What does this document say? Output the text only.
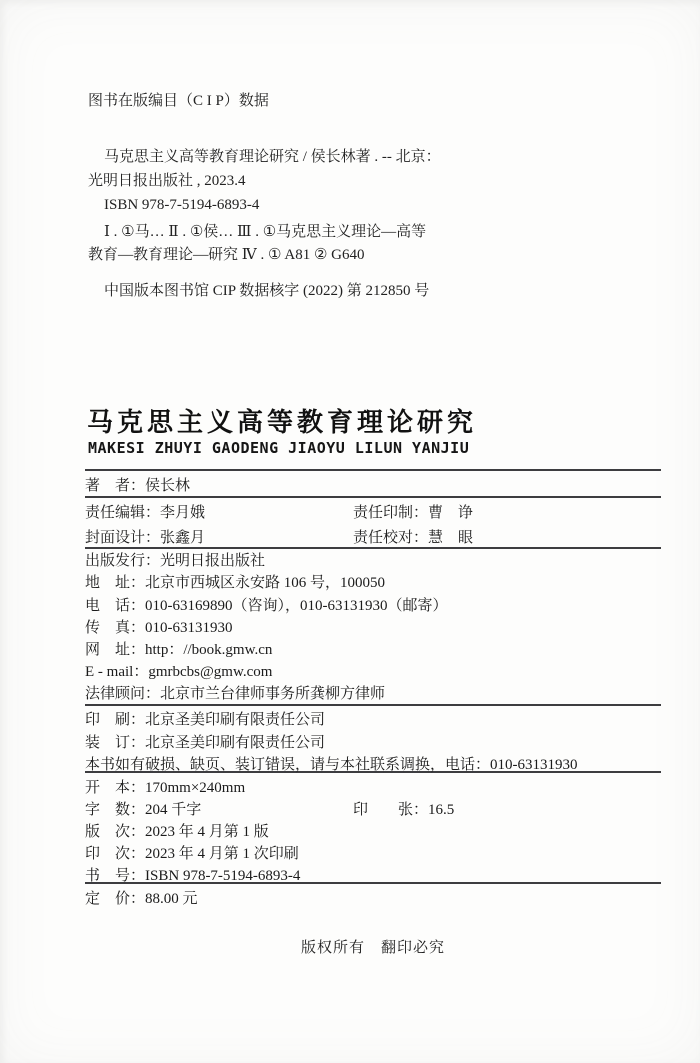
图书在版编目（C I P）数据
马克思主义高等教育理论研究 / 侯长林著 . -- 北京：
光明日报出版社 , 2023.4
ISBN 978-7-5194-6893-4
Ⅰ . ①马… Ⅱ . ①侯… Ⅲ . ①马克思主义理论—高等
教育—教育理论—研究 Ⅳ . ① A81 ② G640
中国版本图书馆 CIP 数据核字 (2022) 第 212850 号
马克思主义高等教育理论研究
MAKESI ZHUYI GAODENG JIAOYU LILUN YANJIU
著　者： 侯长林
责任编辑：李月娥	责任印制：曹　诤
封面设计：张鑫月	责任校对：慧　眼
出版发行： 光明日报出版社
地　址： 北京市西城区永安路 106 号，100050
电　话： 010-63169890（咨询），010-63131930（邮寄）
传　真： 010-63131930
网　址： http：//book.gmw.cn
E - mail： gmrbcbs@gmw.com
法律顾问： 北京市兰台律师事务所龚柳方律师
印　刷： 北京圣美印刷有限责任公司
装　订： 北京圣美印刷有限责任公司
本书如有破损、缺页、装订错误，请与本社联系调换，电话：010-63131930
开　本： 170mm×240mm
字　数：204 千字	印　　张：16.5
版　次： 2023 年 4 月第 1 版
印　次： 2023 年 4 月第 1 次印刷
书　号： ISBN 978-7-5194-6893-4
定　价： 88.00 元
版权所有　翻印必究
